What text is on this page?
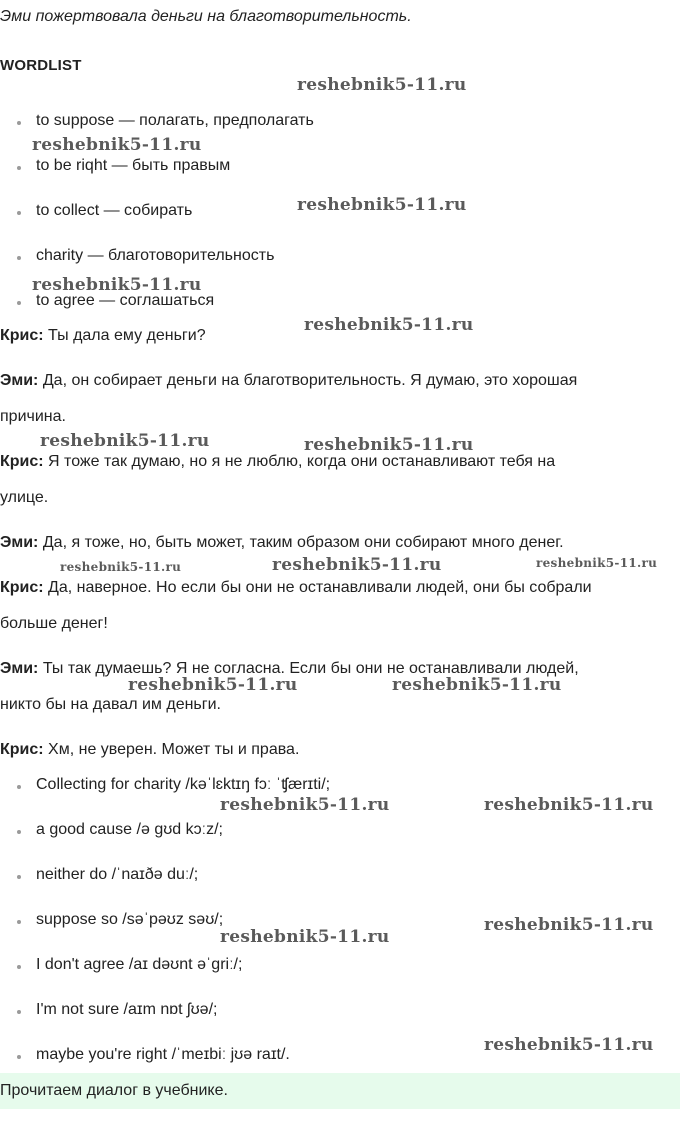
Эми пожертвовала деньги на благотворительность.
WORDLIST
to suppose — полагать, предполагать
to be riqht — быть правым
to collect — собирать
charity — благотоворительность
to agree — соглашаться
Крис: Ты дала ему деньги?
Эми: Да, он собирает деньги на благотворительность. Я думаю, это хорошая
причина.
Крис: Я тоже так думаю, но я не люблю, когда они останавливают тебя на
улице.
Эми: Да, я тоже, но, быть может, таким образом они собирают много денег.
Крис: Да, наверное. Но если бы они не останавливали людей, они бы собрали
больше денег!
Эми: Ты так думаешь? Я не согласна. Если бы они не останавливали людей,
никто бы на давал им деньги.
Крис: Хм, не уверен. Может ты и права.
Collecting for charity /kəˈlɛktɪŋ fɔː ˈʧærɪti/;
a good cause /ə gʊd kɔːz/;
neither do /ˈnaɪðə duː/;
suppose so /səˈpəʊz səʊ/;
I don't agree /aɪ dəʊnt əˈgriː/;
I'm not sure /aɪm nɒt ʃʊə/;
maybe you're right /ˈmeɪbiː jʊə raɪt/.
Прочитаем диалог в учебнике.
reshebnik5-11.ru
reshebnik5-11.ru
reshebnik5-11.ru
reshebnik5-11.ru
reshebnik5-11.ru
reshebnik5-11.ru	reshebnik5-11.ru
reshebnik5-11.ru	reshebnik5-11.ru	reshebnik5-11.ru
reshebnik5-11.ru	reshebnik5-11.ru
reshebnik5-11.ru	reshebnik5-11.ru
reshebnik5-11.ru
reshebnik5-11.ru
reshebnik5-11.ru
